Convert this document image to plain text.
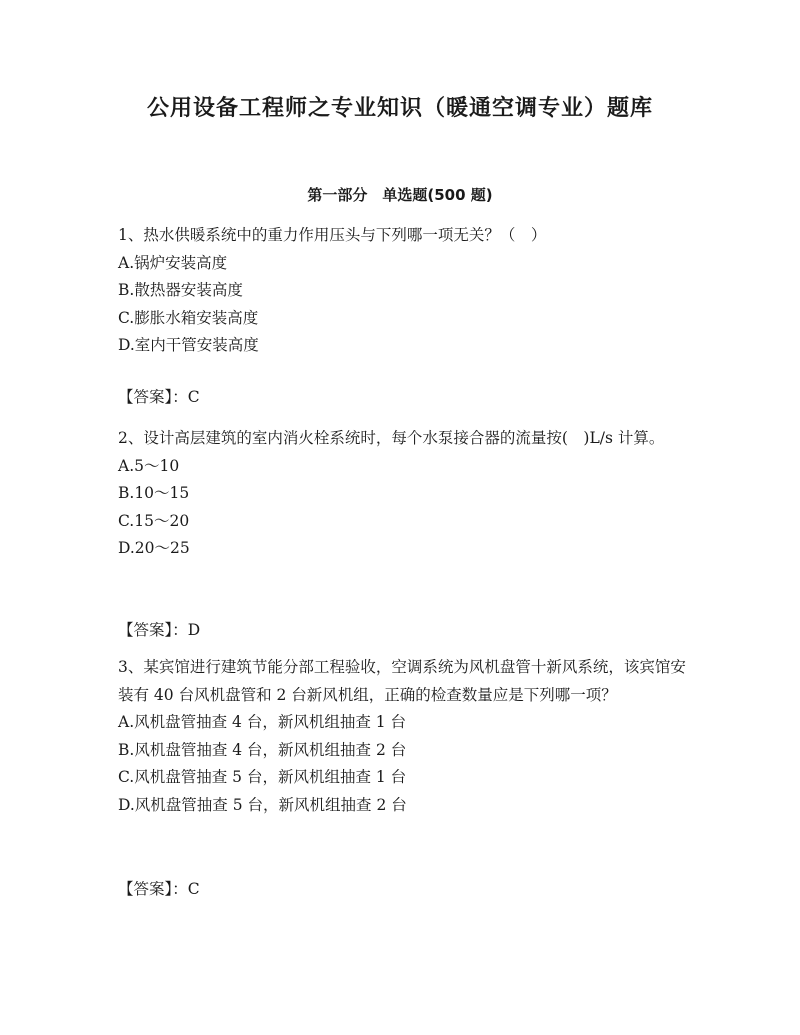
公用设备工程师之专业知识（暖通空调专业）题库
第一部分　单选题(500 题)

1、热水供暖系统中的重力作用压头与下列哪一项无关？（　）

A.锅炉安装高度

B.散热器安装高度

C.膨胀水箱安装高度

D.室内干管安装高度

【答案】：C

2、设计高层建筑的室内消火栓系统时，每个水泵接合器的流量按(　)L/s 计算。

A.5～10

B.10～15

C.15～20

D.20～25

【答案】：D

3、某宾馆进行建筑节能分部工程验收，空调系统为风机盘管十新风系统，该宾馆安装有 40 台风机盘管和 2 台新风机组，正确的检查数量应是下列哪一项？

A.风机盘管抽查 4 台，新风机组抽查 1 台

B.风机盘管抽查 4 台，新风机组抽查 2 台

C.风机盘管抽查 5 台，新风机组抽查 1 台

D.风机盘管抽查 5 台，新风机组抽查 2 台

【答案】：C
